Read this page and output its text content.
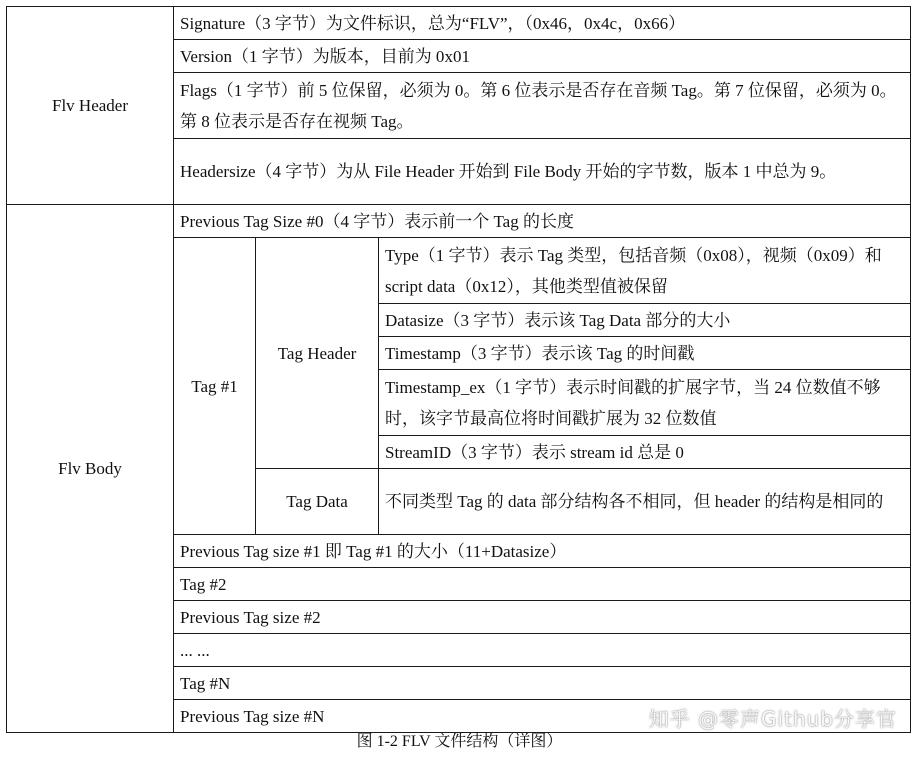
Flv Header	Signature（3 字节）为文件标识，总为“FLV”，（0x46，0x4c，0x66）		
	Version（1 字节）为版本，目前为 0x01		
	Flags（1 字节）前 5 位保留，必须为 0。第 6 位表示是否存在音频 Tag。第 7 位保留，必须为 0。第 8 位表示是否存在视频 Tag。		
	Headersize（4 字节）为从 File Header 开始到 File Body 开始的字节数，版本 1 中总为 9。		
Flv Body	Previous Tag Size #0（4 字节）表示前一个 Tag 的长度		
	Tag #1	Tag Header	Type（1 字节）表示 Tag 类型，包括音频（0x08），视频（0x09）和 script data（0x12），其他类型值被保留
			Datasize（3 字节）表示该 Tag Data 部分的大小
			Timestamp（3 字节）表示该 Tag 的时间戳
			Timestamp_ex（1 字节）表示时间戳的扩展字节，当 24 位数值不够时，该字节最高位将时间戳扩展为 32 位数值
			StreamID（3 字节）表示 stream id 总是 0
		Tag Data	不同类型 Tag 的 data 部分结构各不相同，但 header 的结构是相同的
	Previous Tag size #1 即 Tag #1 的大小（11+Datasize）		
	Tag #2		
	Previous Tag size #2		
	... ...		
	Tag #N		
	Previous Tag size #N			知乎 @零声Github分享官
图 1-2 FLV 文件结构（详图）
